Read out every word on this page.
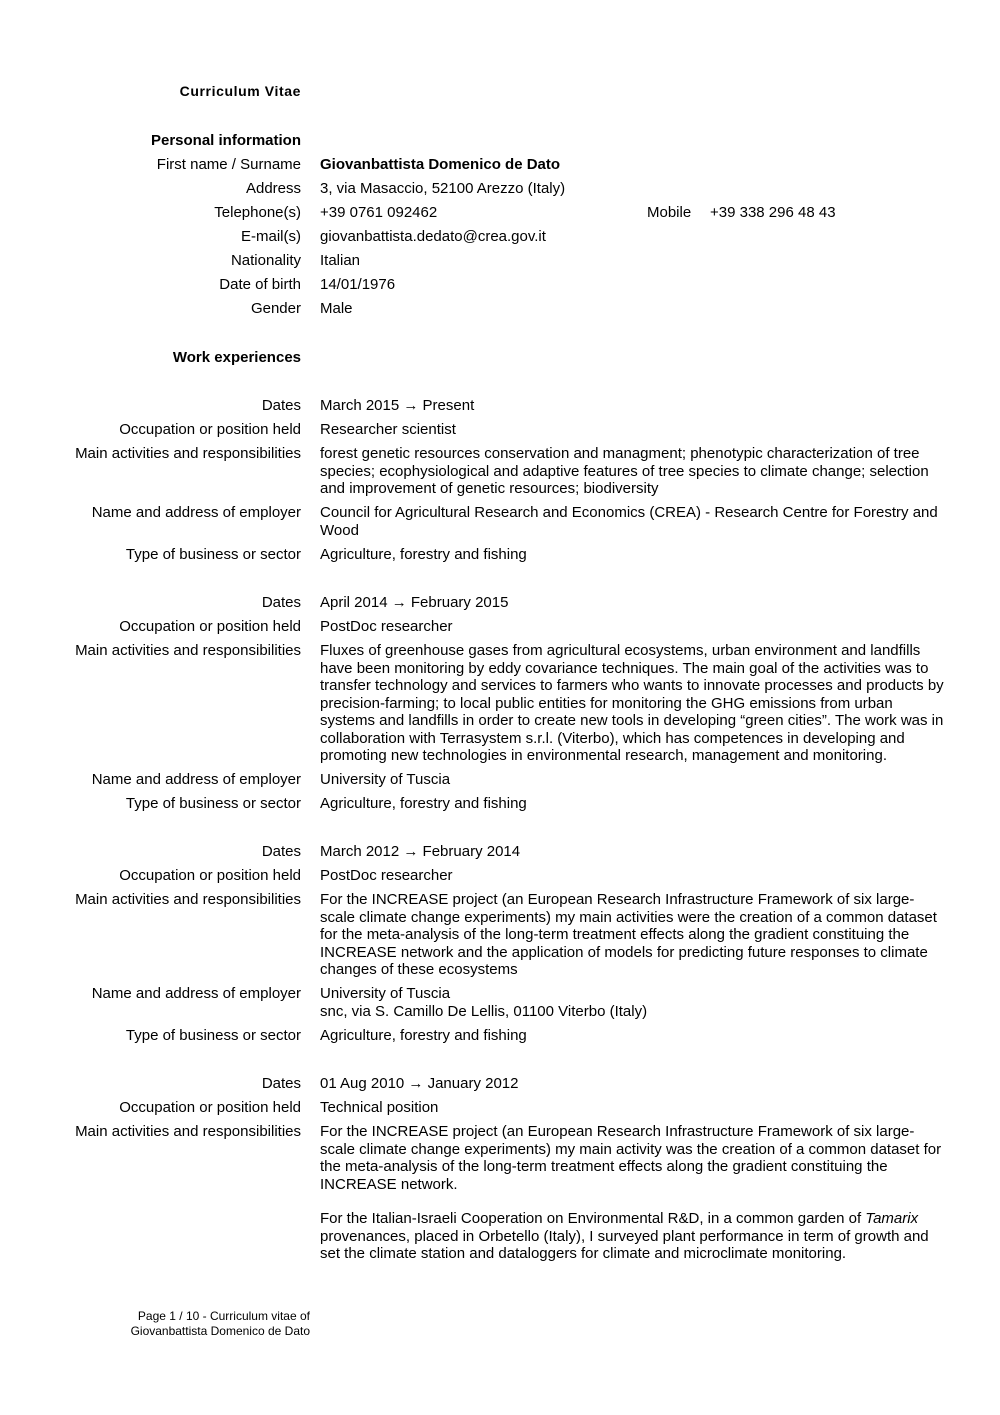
Curriculum Vitae
Personal information
First name / Surname Giovanbattista Domenico de Dato
Address 3, via Masaccio, 52100 Arezzo (Italy)
Telephone(s) +39 0761 092462	Mobile +39 338 296 48 43
E-mail(s) giovanbattista.dedato@crea.gov.it
Nationality Italian
Date of birth 14/01/1976
Gender Male
Work experiences
Dates March 2015 → Present
Occupation or position held Researcher scientist
Main activities and responsibilities forest genetic resources conservation and managment; phenotypic characterization of tree species; ecophysiological and adaptive features of tree species to climate change; selection and improvement of genetic resources; biodiversity
Name and address of employer Council for Agricultural Research and Economics (CREA) - Research Centre for Forestry and Wood
Type of business or sector Agriculture, forestry and fishing
Dates April 2014 → February 2015
Occupation or position held PostDoc researcher
Main activities and responsibilities Fluxes of greenhouse gases from agricultural ecosystems, urban environment and landfills have been monitoring by eddy covariance techniques. The main goal of the activities was to transfer technology and services to farmers who wants to innovate processes and products by precision-farming; to local public entities for monitoring the GHG emissions from urban systems and landfills in order to create new tools in developing “green cities”. The work was in collaboration with Terrasystem s.r.l. (Viterbo), which has competences in developing and promoting new technologies in environmental research, management and monitoring.
Name and address of employer University of Tuscia
Type of business or sector Agriculture, forestry and fishing
Dates March 2012 → February 2014
Occupation or position held PostDoc researcher
Main activities and responsibilities For the INCREASE project (an European Research Infrastructure Framework of six large-scale climate change experiments) my main activities were the creation of a common dataset for the meta-analysis of the long-term treatment effects along the gradient constituing the INCREASE network and the application of models for predicting future responses to climate changes of these ecosystems
Name and address of employer University of Tuscia
snc, via S. Camillo De Lellis, 01100 Viterbo (Italy)
Type of business or sector Agriculture, forestry and fishing
Dates 01 Aug 2010 → January 2012
Occupation or position held Technical position
Main activities and responsibilities For the INCREASE project (an European Research Infrastructure Framework of six large-scale climate change experiments) my main activity was the creation of a common dataset for the meta-analysis of the long-term treatment effects along the gradient constituing the INCREASE network.

For the Italian-Israeli Cooperation on Environmental R&D, in a common garden of Tamarix provenances, placed in Orbetello (Italy), I surveyed plant performance in term of growth and set the climate station and dataloggers for climate and microclimate monitoring.

Page 1 / 10 - Curriculum vitae of
Giovanbattista Domenico de Dato
